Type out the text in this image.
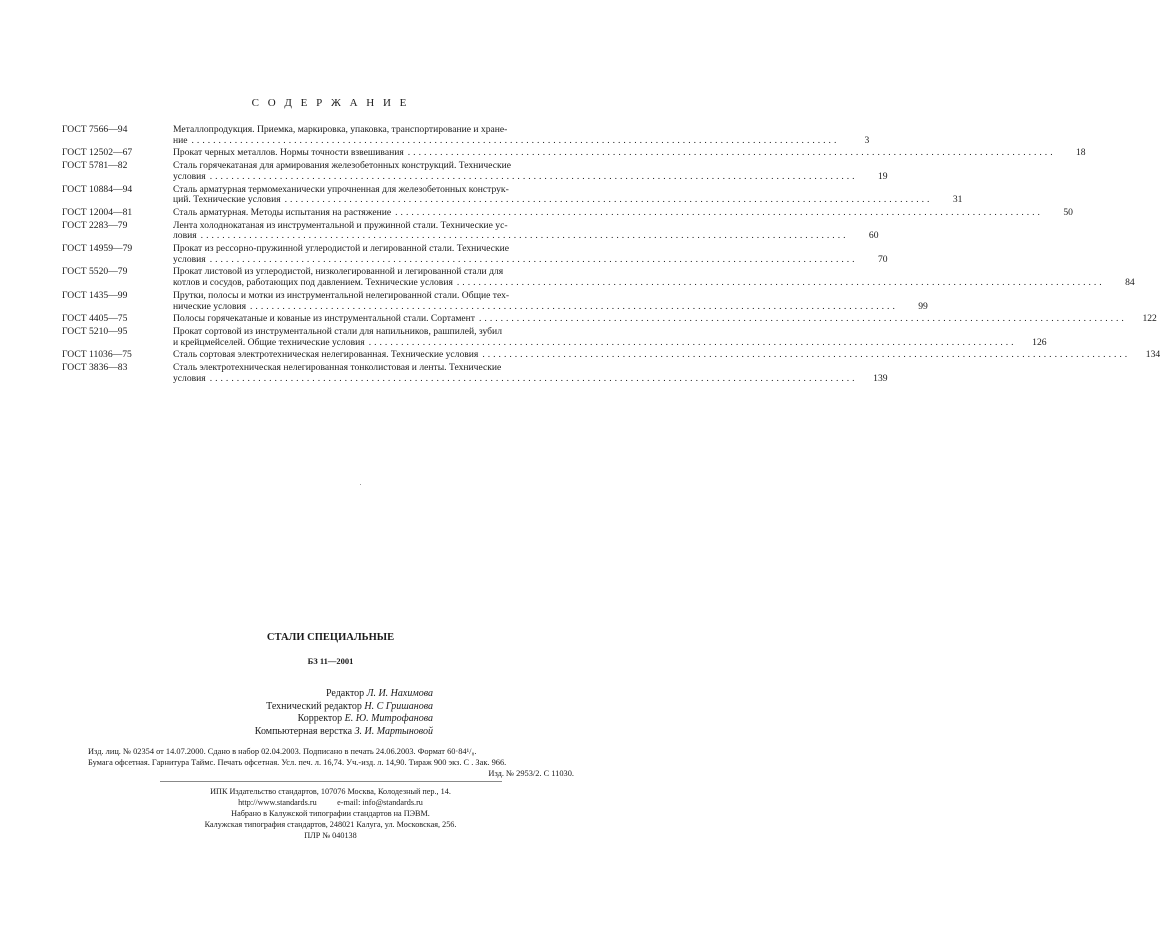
С О Д Е Р Ж А Н И Е
ГОСТ 7566—94	Металлопродукция. Приемка, маркировка, упаковка, транспортирование и хране-
ние ........................................................................................................................	3
ГОСТ 12502—67	Прокат черных металлов. Нормы точности взвешивания ........................................................................................................................	18
ГОСТ 5781—82	Сталь горячекатаная для армирования железобетонных конструкций. Технические
условия ........................................................................................................................	19
ГОСТ 10884—94	Сталь арматурная термомеханически упрочненная для железобетонных конструк-
ций. Технические условия ........................................................................................................................	31
ГОСТ 12004—81	Сталь арматурная. Методы испытания на растяжение ........................................................................................................................	50
ГОСТ 2283—79	Лента холоднокатаная из инструментальной и пружинной стали. Технические ус-
ловия ........................................................................................................................	60
ГОСТ 14959—79	Прокат из рессорно-пружинной углеродистой и легированной стали. Технические
условия ........................................................................................................................	70
ГОСТ 5520—79	Прокат листовой из углеродистой, низколегированной и легированной стали для
котлов и сосудов, работающих под давлением. Технические условия ........................................................................................................................	84
ГОСТ 1435—99	Прутки, полосы и мотки из инструментальной нелегированной стали. Общие тех-
нические условия ........................................................................................................................	99
ГОСТ 4405—75	Полосы горячекатаные и кованые из инструментальной стали. Сортамент ........................................................................................................................	122
ГОСТ 5210—95	Прокат сортовой из инструментальной стали для напильников, рашпилей, зубил
и крейцмейселей. Общие технические условия ........................................................................................................................	126
ГОСТ 11036—75	Сталь сортовая электротехническая нелегированная. Технические условия ........................................................................................................................	134
ГОСТ 3836—83	Сталь электротехническая нелегированная тонколистовая и ленты. Технические
условия ........................................................................................................................	139
СТАЛИ СПЕЦИАЛЬНЫЕ
БЗ 11—2001
Редактор Л. И. Нахимова
Технический редактор Н. С Гришанова
Корректор Е. Ю. Митрофанова
Компьютерная верстка З. И. Мартыновой
Изд. лиц. № 02354 от 14.07.2000. Сдано в набор 02.04.2003. Подписано в печать 24.06.2003. Формат 60·84¹/₈.
Бумага офсетная. Гарнитура Таймс. Печать офсетная. Усл. печ. л. 16,74. Уч.-изд. л. 14,90. Тираж 900 экз. С . Зак. 966.
Изд. № 2953/2. С 11030.
ИПК Издательство стандартов, 107076 Москва, Колодезный пер., 14.
http://www.standards.ru          e-mail: info@standards.ru
Набрано в Калужской типографии стандартов на ПЭВМ.
Калужская типография стандартов, 248021 Калуга, ул. Московская, 256.
ПЛР № 040138
